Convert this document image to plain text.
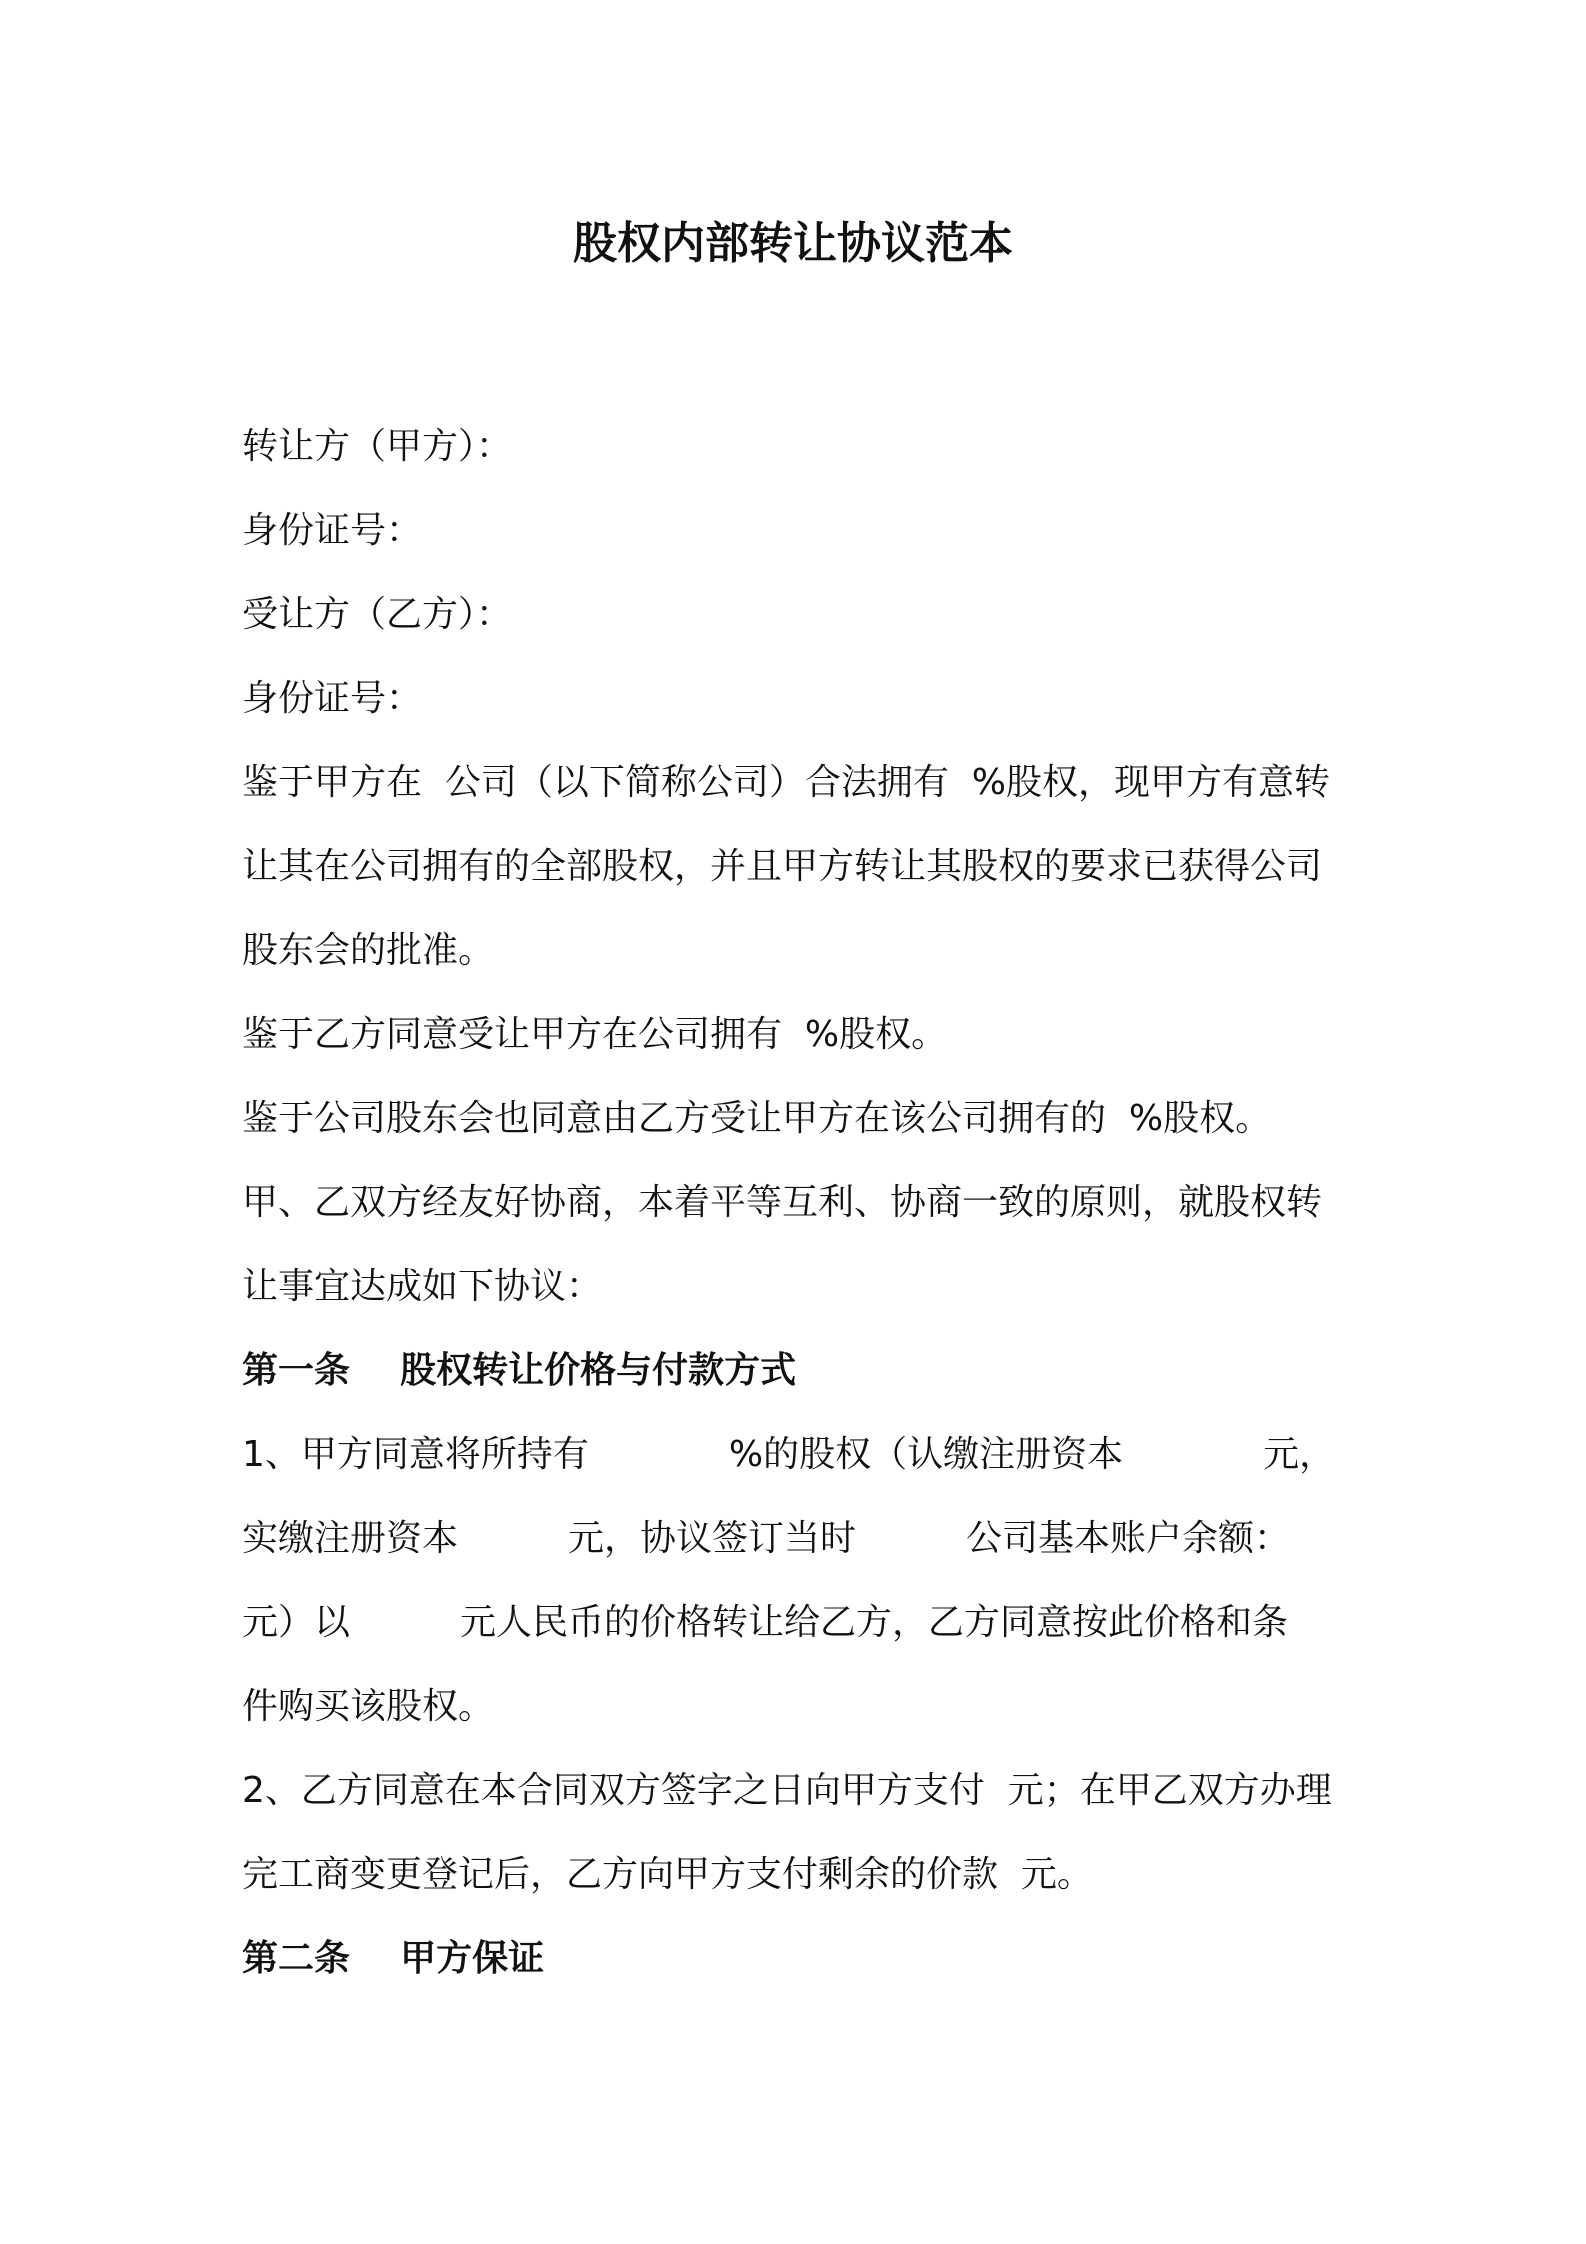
股权内部转让协议范本

转让方（甲方）：

身份证号：

受让方（乙方）：

身份证号：

鉴于甲方在  公司（以下简称公司）合法拥有  %股权，现甲方有意转

让其在公司拥有的全部股权，并且甲方转让其股权的要求已获得公司

股东会的批准。

鉴于乙方同意受让甲方在公司拥有  %股权。

鉴于公司股东会也同意由乙方受让甲方在该公司拥有的  %股权。

甲、乙双方经友好协商，本着平等互利、协商一致的原则，就股权转

让事宜达成如下协议：

第一条    股权转让价格与付款方式

1、甲方同意将所持有	%的股权（认缴注册资本	元，

实缴注册资本	元，协议签订当时	公司基本账户余额：

元）以	元人民币的价格转让给乙方，乙方同意按此价格和条

件购买该股权。

2、乙方同意在本合同双方签字之日向甲方支付  元；在甲乙双方办理

完工商变更登记后，乙方向甲方支付剩余的价款  元。

第二条    甲方保证
